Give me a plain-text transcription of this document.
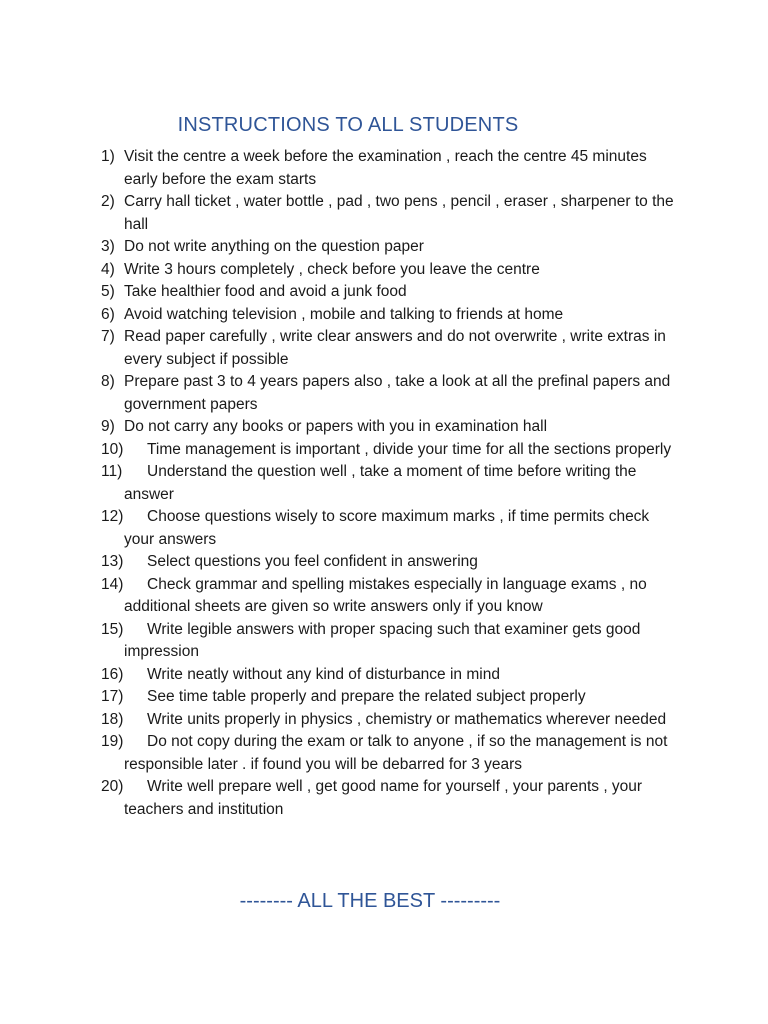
INSTRUCTIONS TO ALL STUDENTS
1) Visit the centre a week before the examination , reach the centre 45 minutes early before the exam starts
2) Carry hall ticket , water bottle , pad , two pens , pencil , eraser , sharpener to the hall
3) Do not write anything on the question paper
4) Write 3 hours completely , check before you leave the centre
5) Take healthier food and avoid a junk food
6) Avoid watching television , mobile and talking to friends at home
7) Read paper carefully , write clear answers and do not overwrite , write extras in every subject if possible
8) Prepare past 3 to 4 years papers also , take a look at all the prefinal papers and government papers
9) Do not carry any books or papers with you in examination hall
10)	Time management is important , divide your time for all the sections properly
11)	Understand the question well , take a moment of time before writing the answer
12)	Choose questions wisely to score maximum marks , if time permits check your answers
13)	Select questions you feel confident in answering
14)	Check grammar and spelling mistakes especially in language exams , no additional sheets are given so write answers only if you know
15)	Write legible answers with proper spacing such that examiner gets good impression
16)	Write neatly without any kind of disturbance in mind
17)	See time table properly and prepare the related subject properly
18)	Write units properly in physics , chemistry or mathematics wherever needed
19)	Do not copy during the exam or talk to anyone , if so the management is not responsible later . if found you will be debarred for 3 years
20)	Write well prepare well , get good name for yourself , your parents , your teachers and institution
-------- ALL THE BEST ---------
